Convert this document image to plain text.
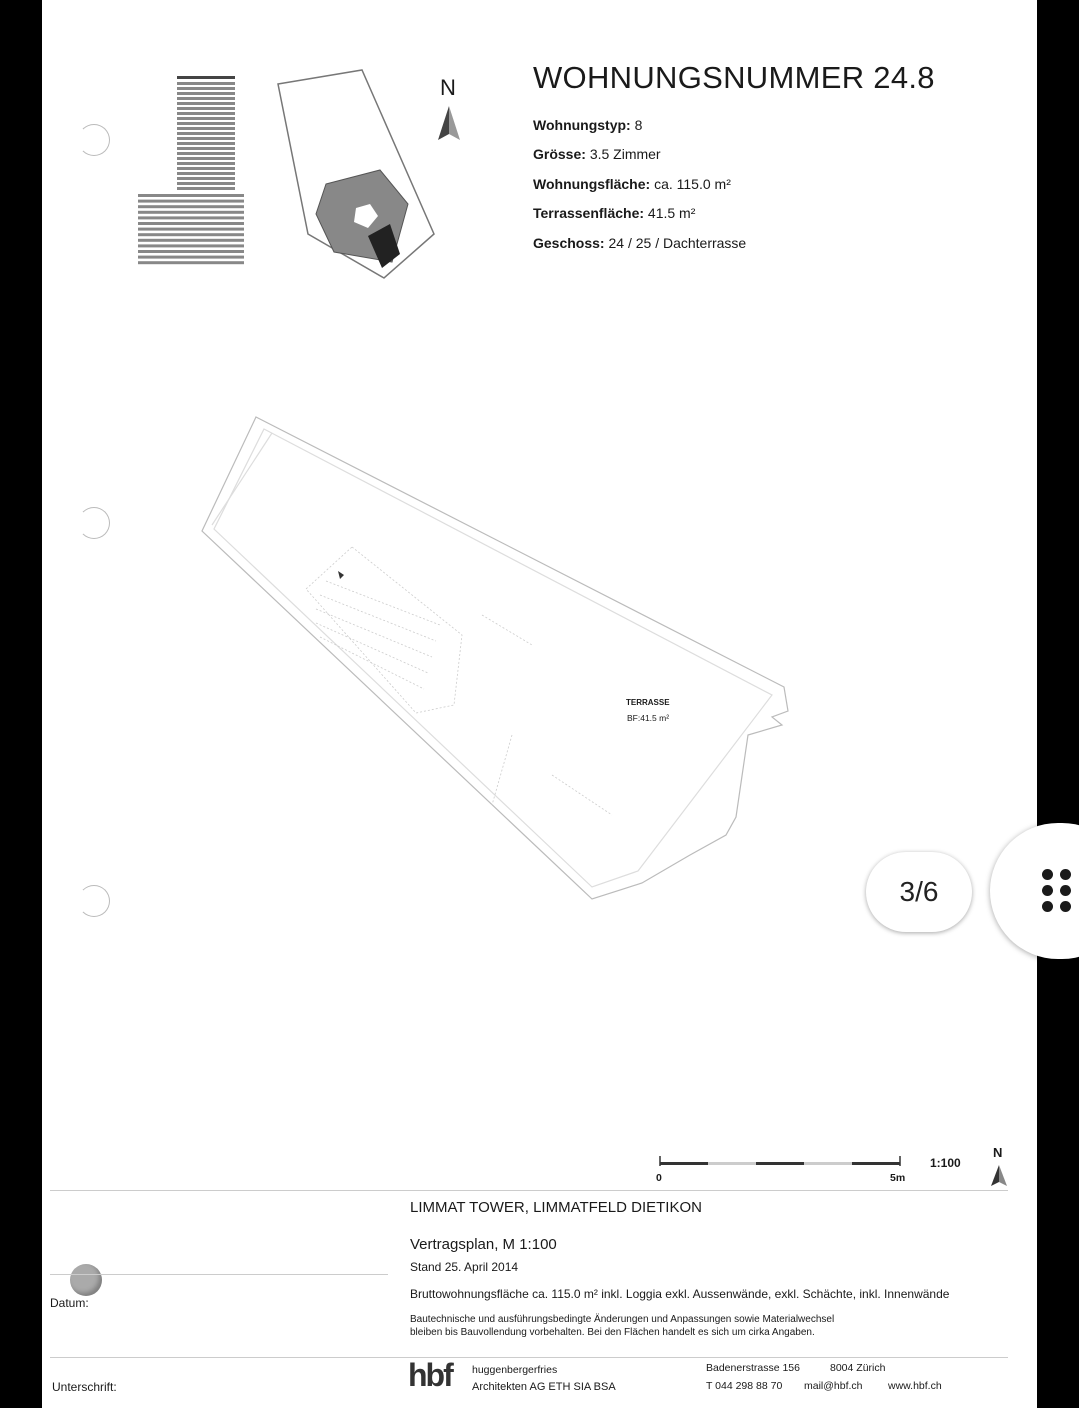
N WOHNUNGSNUMMER 24.8
Wohnungstyp: 8
Grösse: 3.5 Zimmer
Wohnungsfläche: ca. 115.0 m²
Terrassenfläche: 41.5 m²
Geschoss: 24 / 25 / Dachterrasse
TERRASSE
BF:41.5 m²
0	5m
1:100
N
LIMMAT TOWER, LIMMATFELD DIETIKON
Vertragsplan, M 1:100
Stand 25. April 2014
Bruttowohnungsfläche ca. 115.0 m² inkl. Loggia exkl. Aussenwände, exkl. Schächte, inkl. Innenwände
Bautechnische und ausführungsbedingte Änderungen und Anpassungen sowie Materialwechsel
bleiben bis Bauvollendung vorbehalten. Bei den Flächen handelt es sich um cirka Angaben.
Datum:
Unterschrift:	hbf huggenbergerfries
Architekten AG ETH SIA BSA
Badenerstrasse 156	8004 Zürich
T 044 298 88 70 mail@hbf.ch www.hbf.ch
3/6
